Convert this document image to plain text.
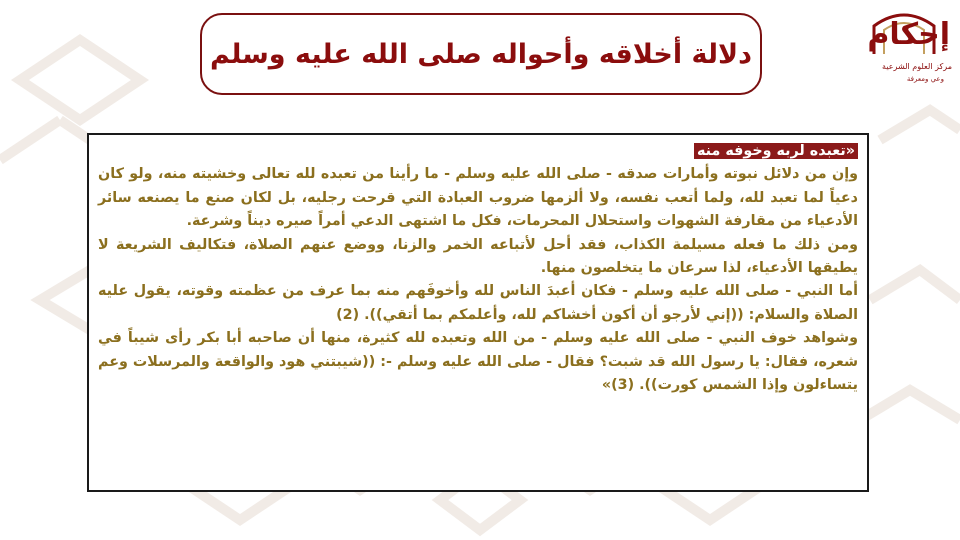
إحكام
مركز العلوم الشرعية
وعي ومعرفة
دلالة أخلاقه وأحواله صلى الله عليه وسلم
«تعبده لربه وخوفه منه
وإن من دلائل نبوته وأمارات صدقه - صلى الله عليه وسلم - ما رأينا من تعبده لله تعالى وخشيته منه، ولو كان دعياً لما تعبد لله، ولما أتعب نفسه، ولا ألزمها ضروب العبادة التي قرحت رجليه، بل لكان صنع ما يصنعه سائر الأدعياء من مقارفة الشهوات واستحلال المحرمات، فكل ما اشتهى الدعي أمراً صيره ديناً وشرعة.
ومن ذلك ما فعله مسيلمة الكذاب، فقد أحل لأتباعه الخمر والزنا، ووضع عنهم الصلاة، فتكاليف الشريعة لا يطيقها الأدعياء، لذا سرعان ما يتخلصون منها.
أما النبي - صلى الله عليه وسلم - فكان أعبدَ الناس لله وأخوفَهم منه بما عرف من عظمته وقوته، يقول عليه الصلاة والسلام: ((إني لأرجو أن أكون أخشاكم لله، وأعلمكم بما أتقي)). (2)
وشواهد خوف النبي - صلى الله عليه وسلم - من الله وتعبده لله كثيرة، منها أن صاحبه أبا بكر رأى شيباً في شعره، فقال: يا رسول الله قد شبت؟ فقال - صلى الله عليه وسلم -: ((شيبتني هود والواقعة والمرسلات وعم يتساءلون وإذا الشمس كورت)). (3)»
